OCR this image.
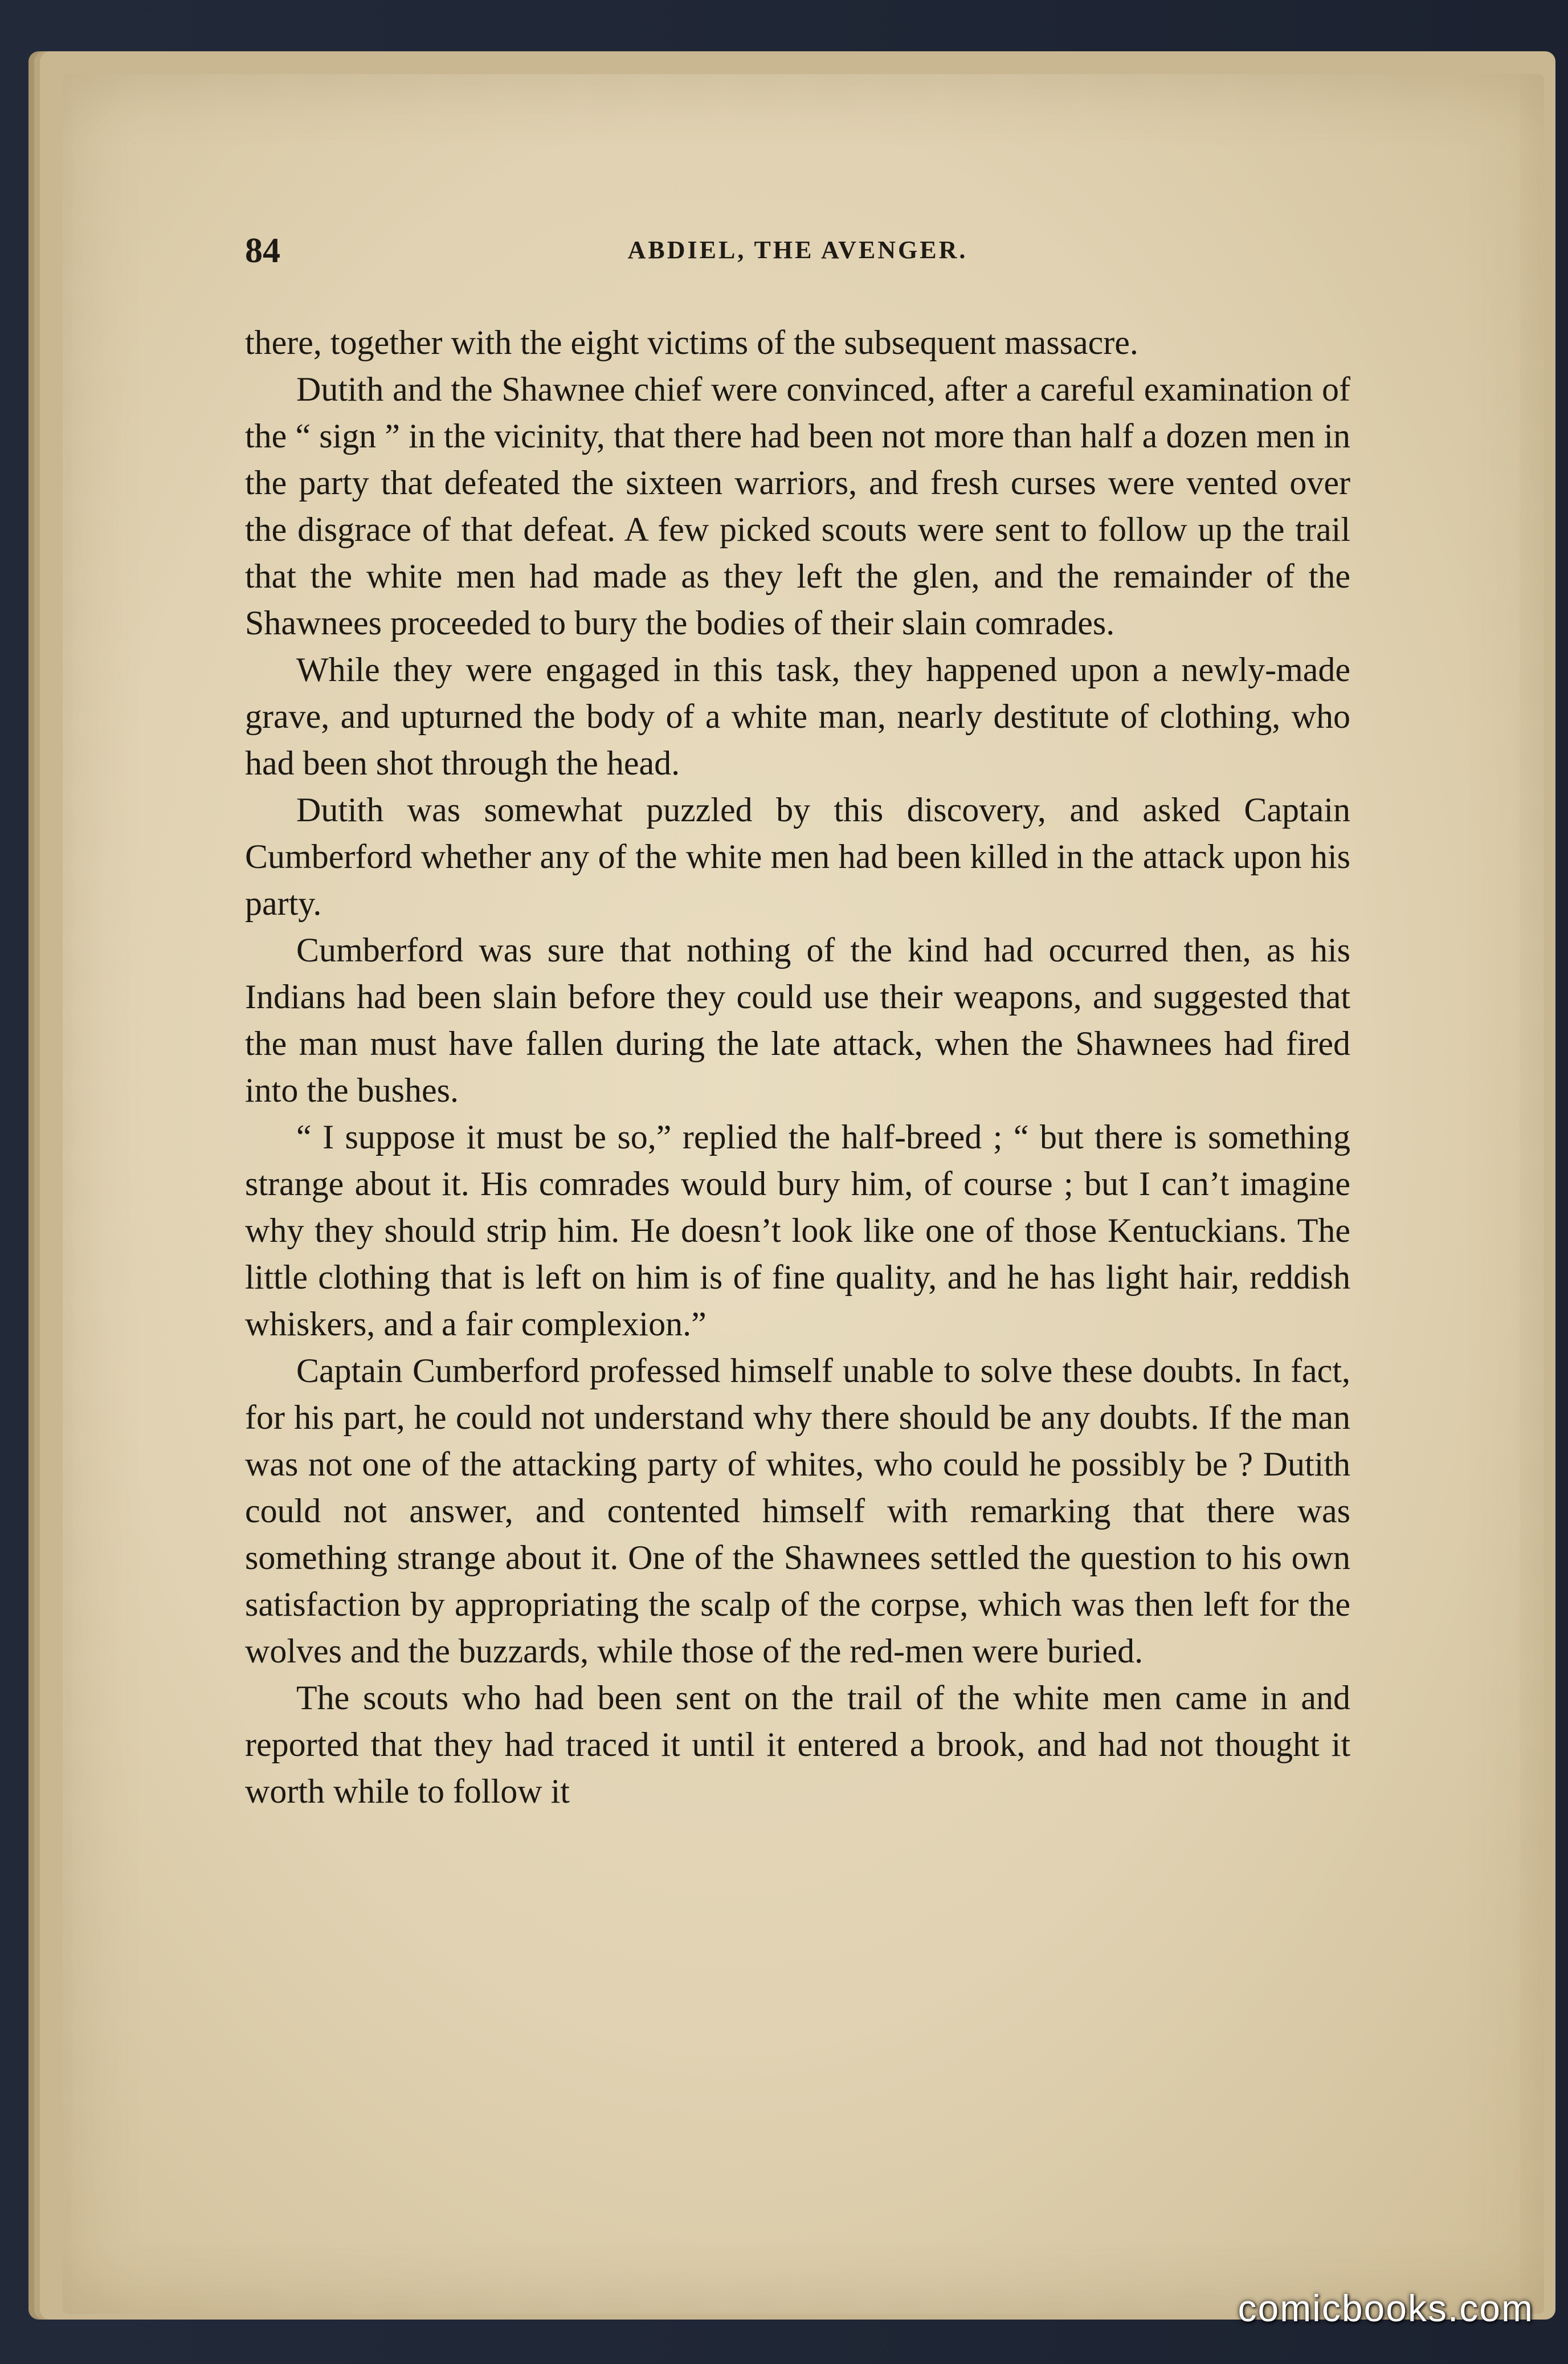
84	ABDIEL, THE AVENGER.

there, together with the eight victims of the subsequent massacre.

Dutith and the Shawnee chief were convinced, after a careful examination of the “ sign ” in the vicinity, that there had been not more than half a dozen men in the party that defeated the sixteen warriors, and fresh curses were vented over the disgrace of that defeat. A few picked scouts were sent to follow up the trail that the white men had made as they left the glen, and the remainder of the Shawnees proceeded to bury the bodies of their slain comrades.

While they were engaged in this task, they happened upon a newly-made grave, and upturned the body of a white man, nearly destitute of clothing, who had been shot through the head.

Dutith was somewhat puzzled by this discovery, and asked Captain Cumberford whether any of the white men had been killed in the attack upon his party.

Cumberford was sure that nothing of the kind had occurred then, as his Indians had been slain before they could use their weapons, and suggested that the man must have fallen during the late attack, when the Shawnees had fired into the bushes.

“ I suppose it must be so,” replied the half-breed ; “ but there is something strange about it. His comrades would bury him, of course ; but I can’t imagine why they should strip him. He doesn’t look like one of those Kentuckians. The little clothing that is left on him is of fine quality, and he has light hair, reddish whiskers, and a fair complexion.”

Captain Cumberford professed himself unable to solve these doubts. In fact, for his part, he could not understand why there should be any doubts. If the man was not one of the attacking party of whites, who could he possibly be ? Dutith could not answer, and contented himself with remarking that there was something strange about it. One of the Shawnees settled the question to his own satisfaction by appropriating the scalp of the corpse, which was then left for the wolves and the buzzards, while those of the red-men were buried.

The scouts who had been sent on the trail of the white men came in and reported that they had traced it until it entered a brook, and had not thought it worth while to follow it

comicbooks.com
